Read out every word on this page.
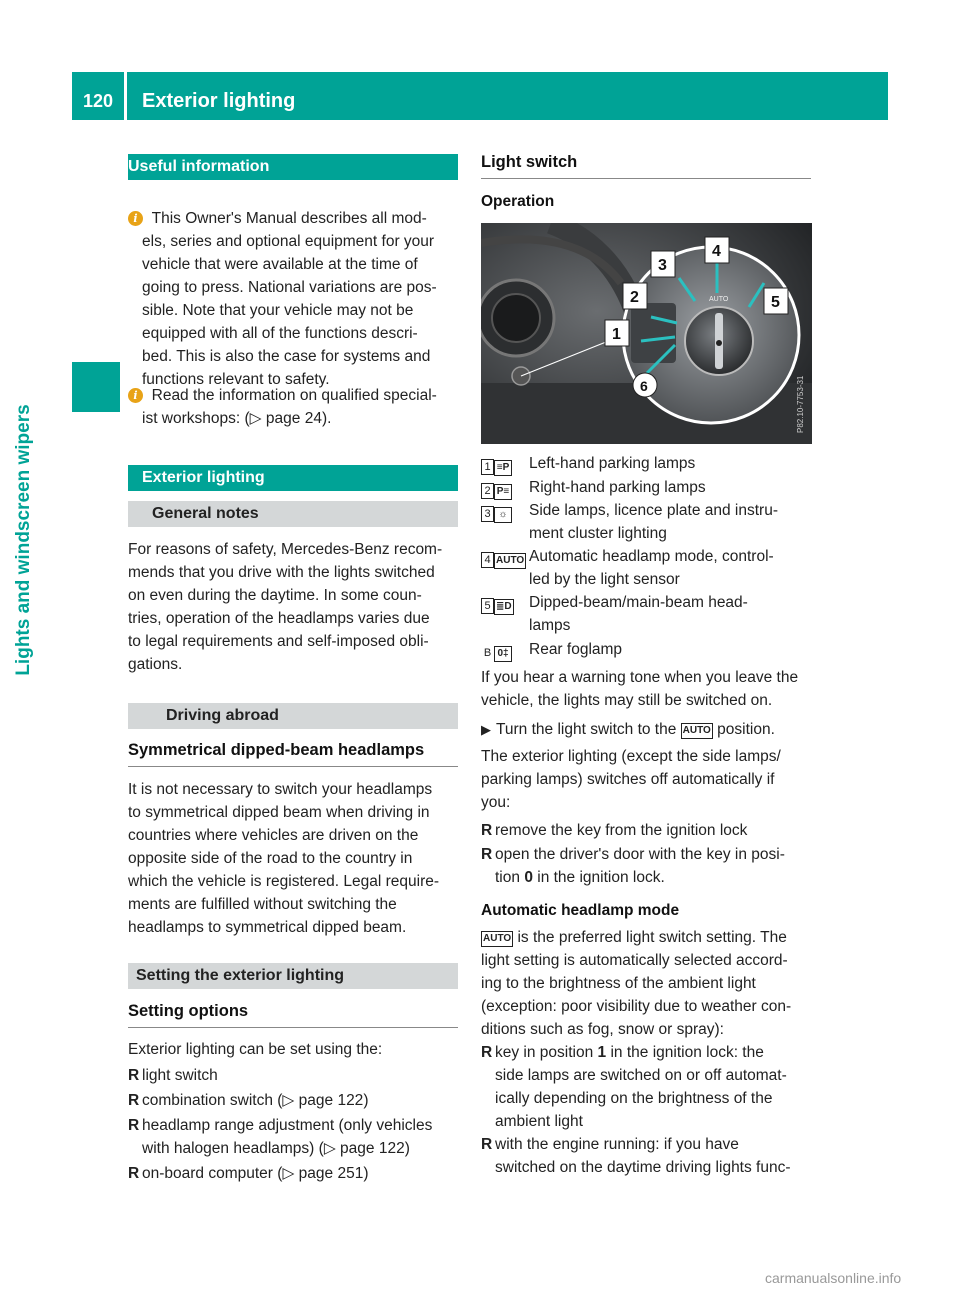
120	Exterior lighting
Lights and windscreen wipers
Useful information
i This Owner's Manual describes all mod-
els, series and optional equipment for your
vehicle that were available at the time of
going to press. National variations are pos-
sible. Note that your vehicle may not be
equipped with all of the functions descri-
bed. This is also the case for systems and
functions relevant to safety.
i Read the information on qualified special-
ist workshops: (▷ page 24).
Exterior lighting
General notes
For reasons of safety, Mercedes-Benz recom-
mends that you drive with the lights switched
on even during the daytime. In some coun-
tries, operation of the headlamps varies due
to legal requirements and self-imposed obli-
gations.
Driving abroad
Symmetrical dipped-beam headlamps
It is not necessary to switch your headlamps
to symmetrical dipped beam when driving in
countries where vehicles are driven on the
opposite side of the road to the country in
which the vehicle is registered. Legal require-
ments are fulfilled without switching the
headlamps to symmetrical dipped beam.
Setting the exterior lighting
Setting options
Exterior lighting can be set using the:
R light switch
R combination switch (▷ page 122)
R headlamp range adjustment (only vehicles
with halogen headlamps) (▷ page 122)
R on-board computer (▷ page 251)
Light switch
Operation
AUTO
1
2
3
4
5
6	P82.10-7753-31
1 ≡P Left-hand parking lamps
2 P≡ Right-hand parking lamps
3 ☼ Side lamps, licence plate and instru-
ment cluster lighting
4 AUTO Automatic headlamp mode, control-
led by the light sensor
5 ≣D Dipped-beam/main-beam head-
lamps
B 0‡ Rear foglamp
If you hear a warning tone when you leave the
vehicle, the lights may still be switched on.
▶ Turn the light switch to the AUTO position.
The exterior lighting (except the side lamps/
parking lamps) switches off automatically if
you:
R remove the key from the ignition lock
R open the driver's door with the key in posi-
tion 0 in the ignition lock.
Automatic headlamp mode
AUTO is the preferred light switch setting. The
light setting is automatically selected accord-
ing to the brightness of the ambient light
(exception: poor visibility due to weather con-
ditions such as fog, snow or spray):
R key in position 1 in the ignition lock: the
side lamps are switched on or off automat-
ically depending on the brightness of the
ambient light
R with the engine running: if you have
switched on the daytime driving lights func-
carmanualsonline.info
